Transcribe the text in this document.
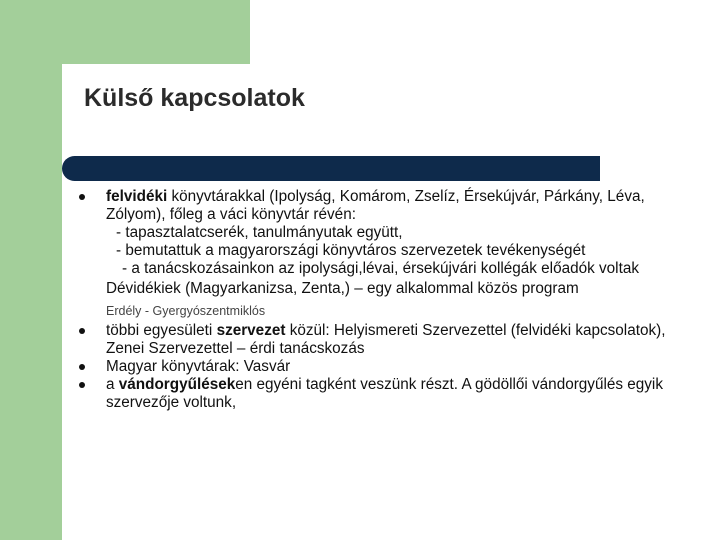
Külső kapcsolatok
felvidéki könyvtárakkal (Ipolyság, Komárom, Zselíz, Érsekújvár, Párkány, Léva, Zólyom), főleg a váci könyvtár révén:
- tapasztalatcserék, tanulmányutak együtt,
- bemutattuk a magyarországi könyvtáros szervezetek tevékenységét
- a tanácskozásainkon az ipolysági,lévai, érsekújvári kollégák előadók voltak
Dévidékiek (Magyarkanizsa, Zenta,) – egy alkalommal közös program
Erdély - Gyergyószentmiklós
többi egyesületi szervezet közül: Helyismereti Szervezettel (felvidéki kapcsolatok), Zenei Szervezettel – érdi tanácskozás
Magyar könyvtárak: Vasvár
a vándorgyűléseken egyéni tagként veszünk részt. A gödöllői vándorgyűlés egyik szervezője voltunk,
